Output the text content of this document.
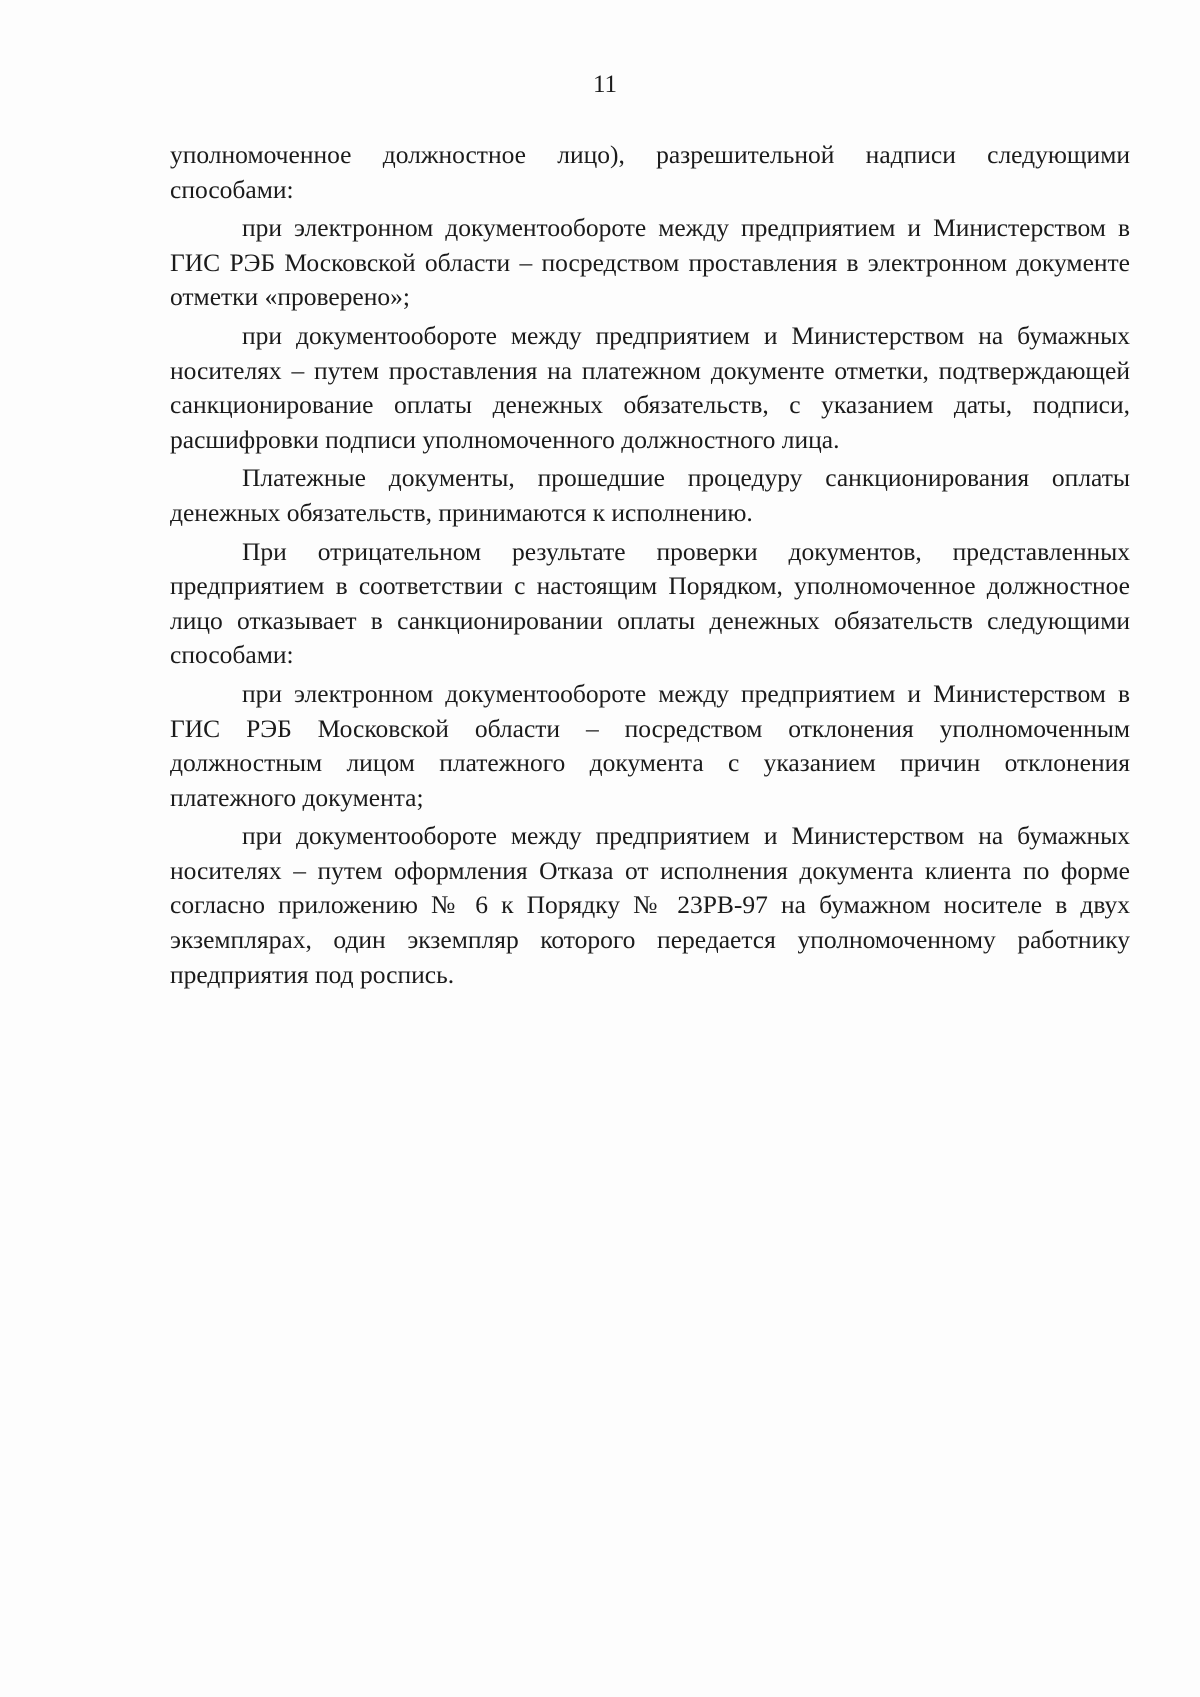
11

уполномоченное должностное лицо), разрешительной надписи следующими способами:

при электронном документообороте между предприятием и Министерством в ГИС РЭБ Московской области – посредством проставления в электронном документе отметки «проверено»;

при документообороте между предприятием и Министерством на бумажных носителях – путем проставления на платежном документе отметки, подтверждающей санкционирование оплаты денежных обязательств, с указанием даты, подписи, расшифровки подписи уполномоченного должностного лица.

Платежные документы, прошедшие процедуру санкционирования оплаты денежных обязательств, принимаются к исполнению.

При отрицательном результате проверки документов, представленных предприятием в соответствии с настоящим Порядком, уполномоченное должностное лицо отказывает в санкционировании оплаты денежных обязательств следующими способами:

при электронном документообороте между предприятием и Министерством в ГИС РЭБ Московской области – посредством отклонения уполномоченным должностным лицом платежного документа с указанием причин отклонения платежного документа;

при документообороте между предприятием и Министерством на бумажных носителях – путем оформления Отказа от исполнения документа клиента по форме согласно приложению № 6 к Порядку № 23РВ-97 на бумажном носителе в двух экземплярах, один экземпляр которого передается уполномоченному работнику предприятия под роспись.
